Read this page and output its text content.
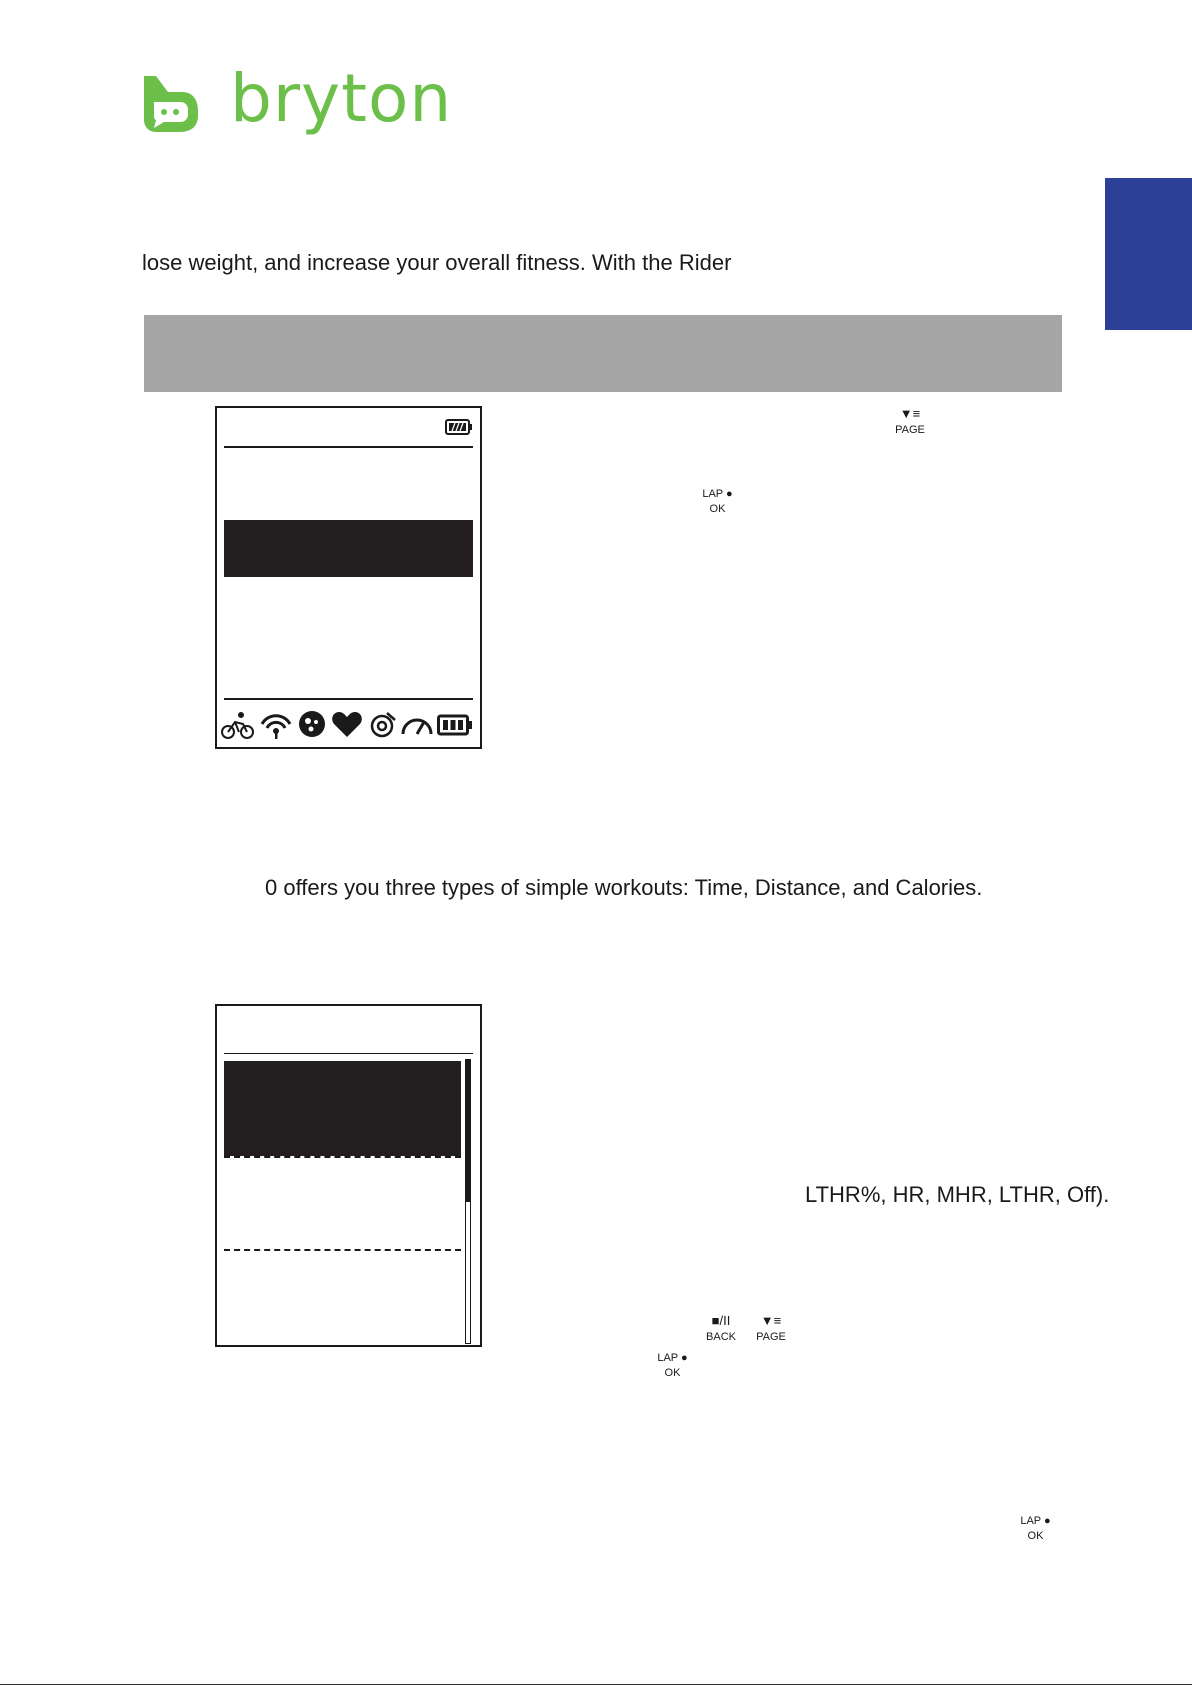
bryton
lose weight, and increase your overall fitness. With the Rider
▼≡
PAGE
LAP ●
OK
0 offers you three types of simple workouts: Time, Distance, and Calories.
LTHR%, HR, MHR, LTHR, Off).
■/II
BACK
▼≡
PAGE
LAP ●
OK
LAP ●
OK
